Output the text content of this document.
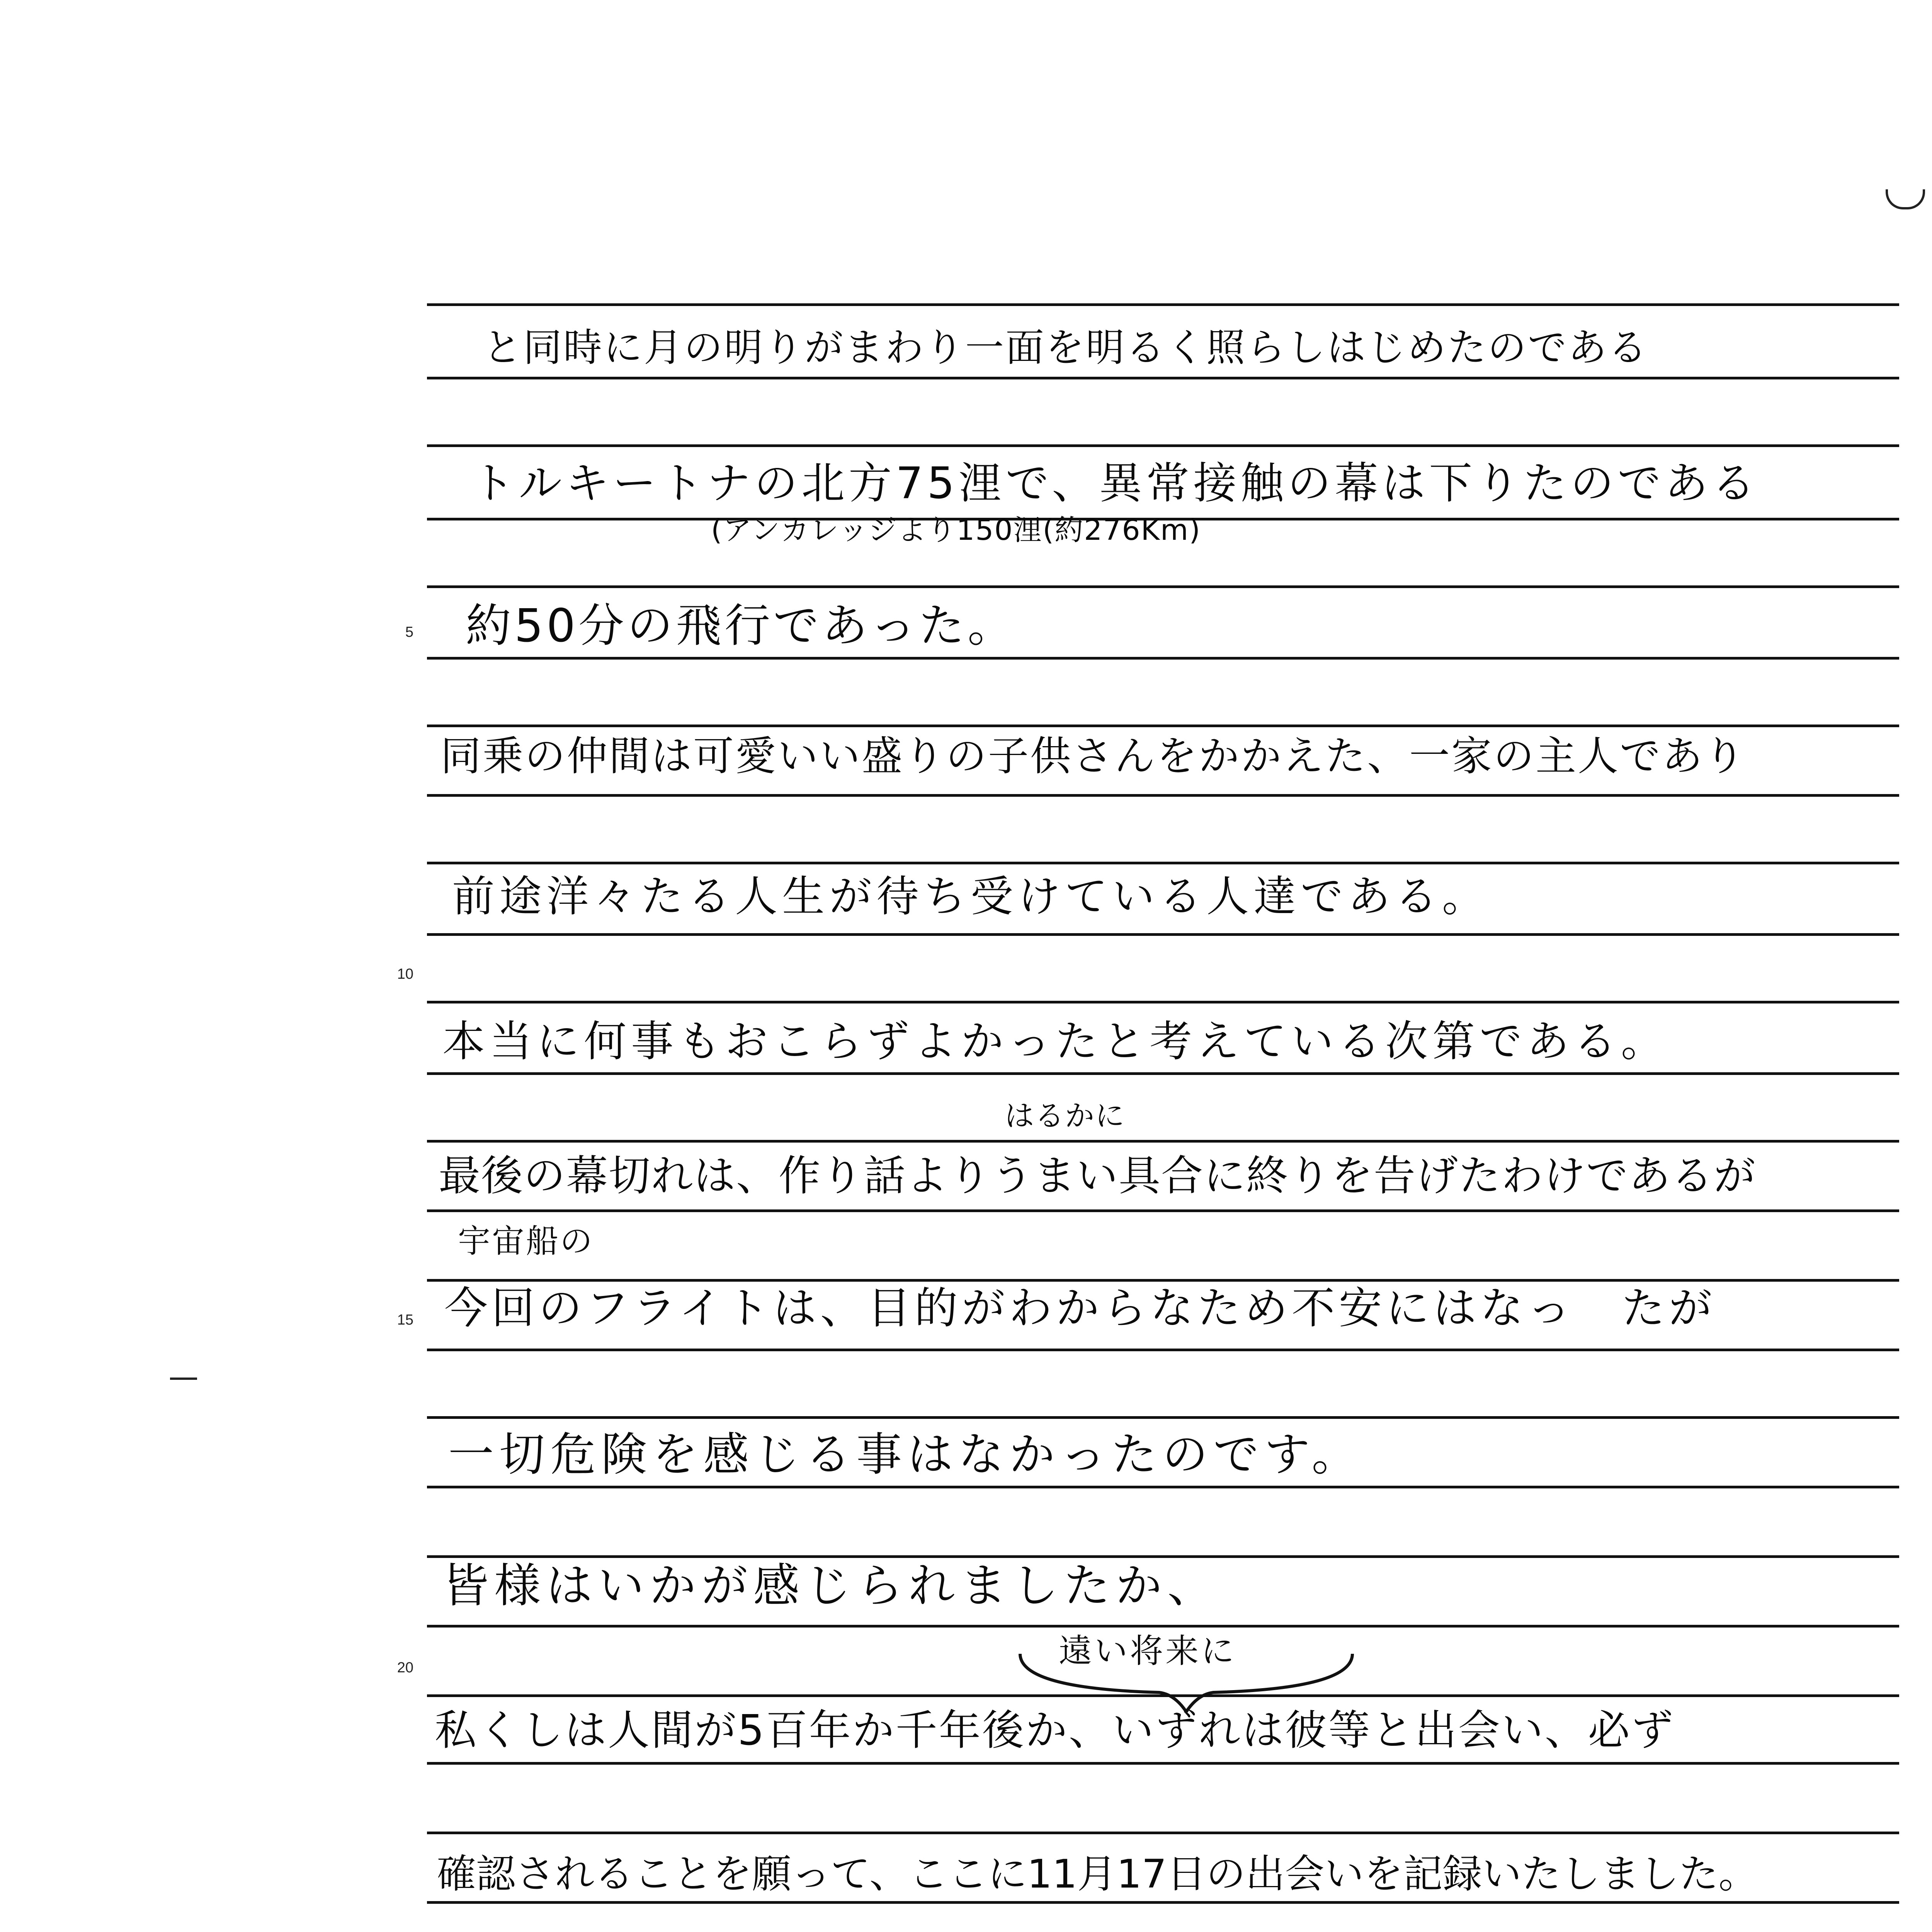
5
10
15
20
と同時に月の明りがまわり一面を明るく照らしはじめたのである
トルキートナの北方75浬で、異常接触の幕は下りたのである
約50分の飛行であった。
同乗の仲間は可愛いい盛りの子供さんをかかえた、一家の主人であり
前途洋々たる人生が待ち受けている人達である。
本当に何事もおこらずよかったと考えている次第である。
最後の幕切れは、作り話よりうまい具合に終りを告げたわけであるが
今回のフライトは、目的がわからなため不安にはなっ　たが
一切危険を感じる事はなかったのです。
皆様はいかが感じられましたか、
私くしは人間が5百年か千年後か、いずれは彼等と出会い、必ず
確認されることを願って、ここに11月17日の出会いを記録いたしました。
(アンカレッジより150浬(約276Km)
はるかに
宇宙船の
遠い将来に
